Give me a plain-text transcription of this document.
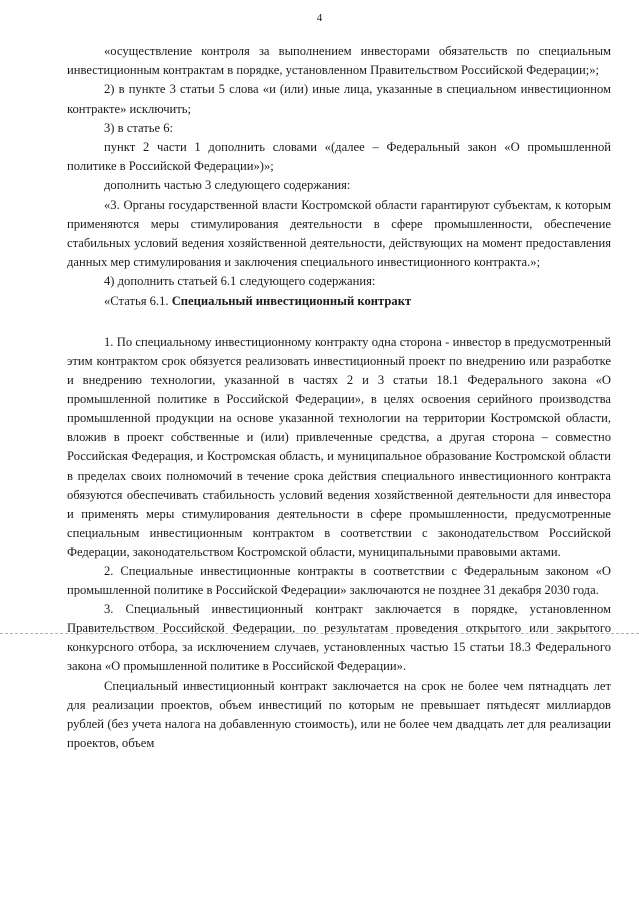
4

«осуществление контроля за выполнением инвесторами обязательств по специальным инвестиционным контрактам в порядке, установленном Правительством Российской Федерации;»;

2) в пункте 3 статьи 5 слова «и (или) иные лица, указанные в специальном инвестиционном контракте» исключить;

3) в статье 6:

пункт 2 части 1 дополнить словами «(далее – Федеральный закон «О промышленной политике в Российской Федерации»)»;

дополнить частью 3 следующего содержания:

«3. Органы государственной власти Костромской области гарантируют субъектам, к которым применяются меры стимулирования деятельности в сфере промышленности, обеспечение стабильных условий ведения хозяйственной деятельности, действующих на момент предоставления данных мер стимулирования и заключения специального инвестиционного контракта.»;

4) дополнить статьей 6.1 следующего содержания:

«Статья 6.1. Специальный инвестиционный контракт

1. По специальному инвестиционному контракту одна сторона - инвестор в предусмотренный этим контрактом срок обязуется реализовать инвестиционный проект по внедрению или разработке и внедрению технологии, указанной в частях 2 и 3 статьи 18.1 Федерального закона «О промышленной политике в Российской Федерации», в целях освоения серийного производства промышленной продукции на основе указанной технологии на территории Костромской области, вложив в проект собственные и (или) привлеченные средства, а другая сторона – совместно Российская Федерация, и Костромская область, и муниципальное образование Костромской области в пределах своих полномочий в течение срока действия специального инвестиционного контракта обязуются обеспечивать стабильность условий ведения хозяйственной деятельности для инвестора и применять меры стимулирования деятельности в сфере промышленности, предусмотренные специальным инвестиционным контрактом в соответствии с законодательством Российской Федерации, законодательством Костромской области, муниципальными правовыми актами.

2. Специальные инвестиционные контракты в соответствии с Федеральным законом «О промышленной политике в Российской Федерации» заключаются не позднее 31 декабря 2030 года.

3. Специальный инвестиционный контракт заключается в порядке, установленном Правительством Российской Федерации, по результатам проведения открытого или закрытого конкурсного отбора, за исключением случаев, установленных частью 15 статьи 18.3 Федерального закона «О промышленной политике в Российской Федерации».

Специальный инвестиционный контракт заключается на срок не более чем пятнадцать лет для реализации проектов, объем инвестиций по которым не превышает пятьдесят миллиардов рублей (без учета налога на добавленную стоимость), или не более чем двадцать лет для реализации проектов, объем
